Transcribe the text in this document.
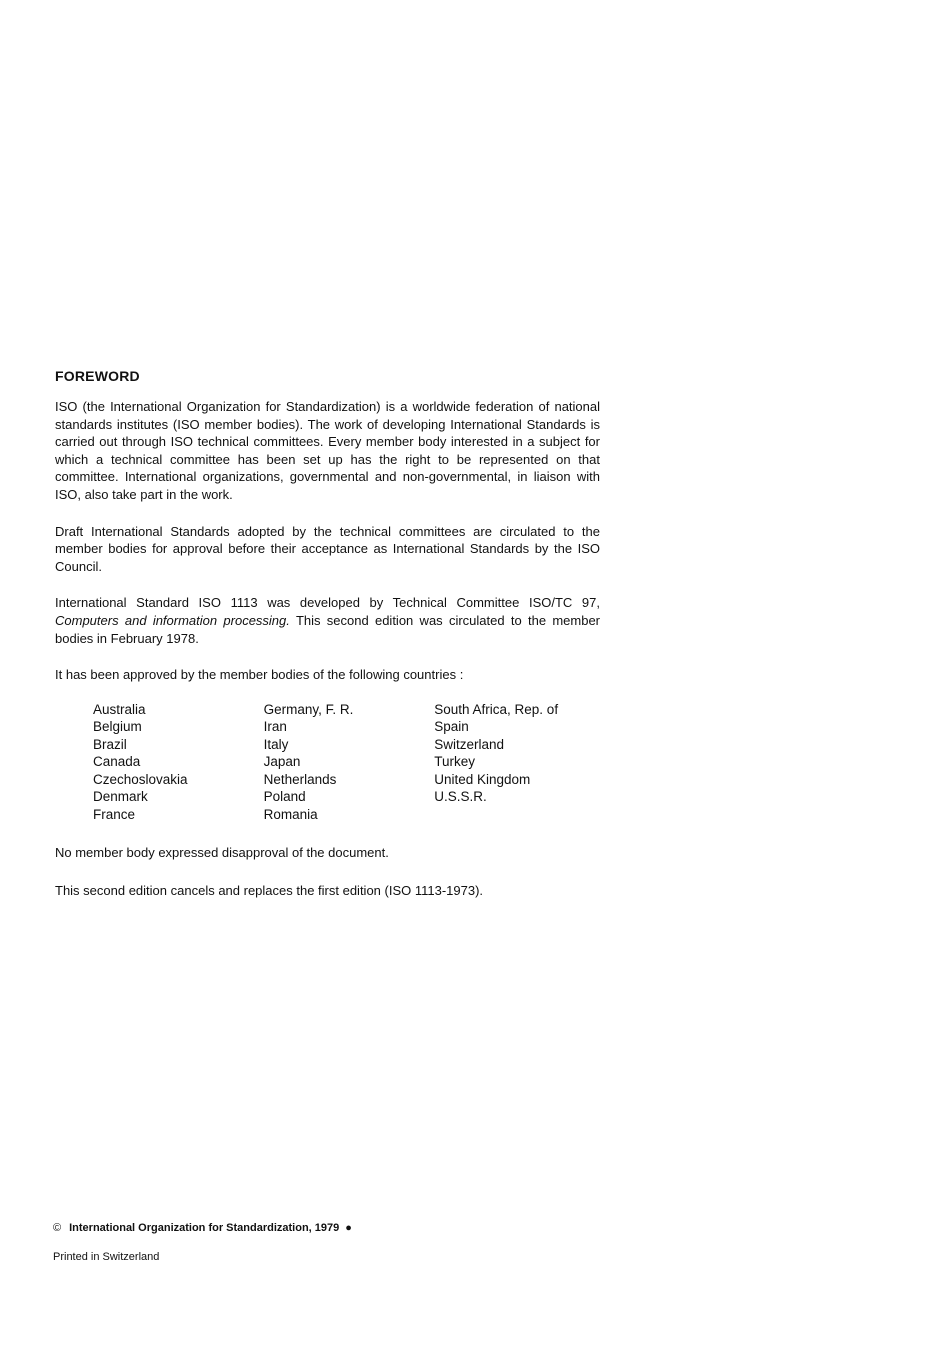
FOREWORD

ISO (the International Organization for Standardization) is a worldwide federation of national standards institutes (ISO member bodies). The work of developing International Standards is carried out through ISO technical committees. Every member body interested in a subject for which a technical committee has been set up has the right to be represented on that committee. International organizations, governmental and non-governmental, in liaison with ISO, also take part in the work.

Draft International Standards adopted by the technical committees are circulated to the member bodies for approval before their acceptance as International Standards by the ISO Council.

International Standard ISO 1113 was developed by Technical Committee ISO/TC 97, Computers and information processing. This second edition was circulated to the member bodies in February 1978.

It has been approved by the member bodies of the following countries :

Australia
Belgium
Brazil
Canada
Czechoslovakia
Denmark
France
Germany, F. R.
Iran
Italy
Japan
Netherlands
Poland
Romania
South Africa, Rep. of
Spain
Switzerland
Turkey
United Kingdom
U.S.S.R.

No member body expressed disapproval of the document.

This second edition cancels and replaces the first edition (ISO 1113-1973).

© International Organization for Standardization, 1979 ●
Printed in Switzerland
